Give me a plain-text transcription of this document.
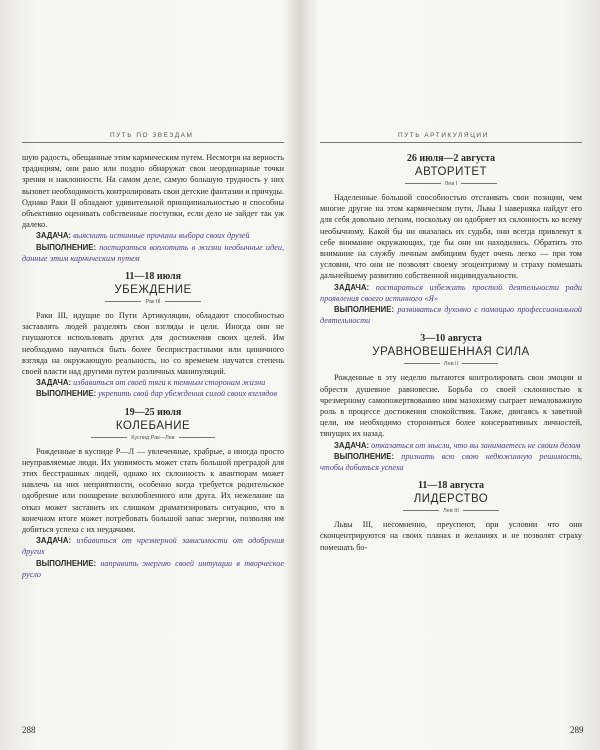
ПУТЬ ПО ЗВЕЗДАМ

шую радость, обещанные этим кармическим путем. Несмотря на верность традициям, они рано или поздно обнаружат свои неординарные точки зрения и наклонности. На самом деле, самую большую трудность у них вызовет необходимость контролировать свои детские фантазии и причуды. Однако Раки II обладают удивительной принципиальностью и способны объективно оценивать собственные поступки, если дело не зайдет так уж далеко.

ЗАДАЧА: выяснить истинные причины выбора своих друзей

ВЫПОЛНЕНИЕ: постараться воплотить в жизни необычные идеи, данные этим кармическим путем

11—18 июля
УБЕЖДЕНИЕ
Рак III

Раки III, идущие по Пути Артикуляции, обладают способностью заставлять людей разделять свои взгляды и цели. Иногда они не гнушаются использовать других для достижения своих целей. Им необходимо научиться быть более беспристрастными или циничного взгляда на окружающую реальность, но со временем научатся степень своей власти над другими путем различных манипуляций.

ЗАДАЧА: избавиться от своей тяги к темным сторонам жизни

ВЫПОЛНЕНИЕ: укрепить свой дар убеждения силой своих взглядов

19—25 июля
КОЛЕБАНИЕ
Куспид Рак—Лев

Рожденные в куспиде Р—Л — увлеченные, храбрые, а иногда просто неуправляемые люди. Их уязвимость может стать большой преградой для этих бесстрашных людей, однако их склонность к авантюрам может навлечь на них неприятности, особенно когда требуется родительское одобрение или поощрение возлюбленного или друга. Их нежелание на отказ может заставить их слишком драматизировать ситуацию, что в конечном итоге может потребовать большой запас энергии, позволяя им добиться успеха с их неудачами.

ЗАДАЧА: избавиться от чрезмерной зависимости от одобрения других

ВЫПОЛНЕНИЕ: направить энергию своей интуиции в творческое русло

288
ПУТЬ АРТИКУЛЯЦИИ
26 июля—2 августа
АВТОРИТЕТ
Лев I

Наделенные большой способностью отстаивать свои позиции, чем многие другие на этом кармическом пути, Львы I наверняка найдут его для себя довольно легким, поскольку он одобряет их склонность ко всему необычному. Какой бы ни оказалась их судьба, они всегда привлекут к себе внимание окружающих, где бы они ни находились. Обратить это внимание на службу личным амбициям будет очень легко — при том условии, что они не позволят своему эгоцентризму и страху помешать дальнейшему развитию собственной индивидуальности.

ЗАДАЧА: постараться избежать простой деятельности ради проявления своего истинного «Я»

ВЫПОЛНЕНИЕ: развиваться духовно с помощью профессиональной деятельности

3—10 августа
УРАВНОВЕШЕННАЯ СИЛА
Лев II

Рожденные в эту неделю пытаются контролировать свои эмоции и обрести душевное равновесие. Борьба со своей склонностью к чрезмерному самопожертвованию ним мазохизму сыграет немаловажную роль в процессе достижения спокойствия. Также, двигаясь к заветной цели, им необходимо сторониться более консервативных личностей, тянущих их назад.

ЗАДАЧА: отказаться от мысли, что вы занимаетесь не своим делом

ВЫПОЛНЕНИЕ: признать всю свою недюжинную решимость, чтобы добиться успеха

11—18 августа
ЛИДЕРСТВО
Лев III

Львы III, несомненно, преуспеют, при условии что они сконцентрируются на своих планах и желаниях и не позволят страху помешать бо-

289
